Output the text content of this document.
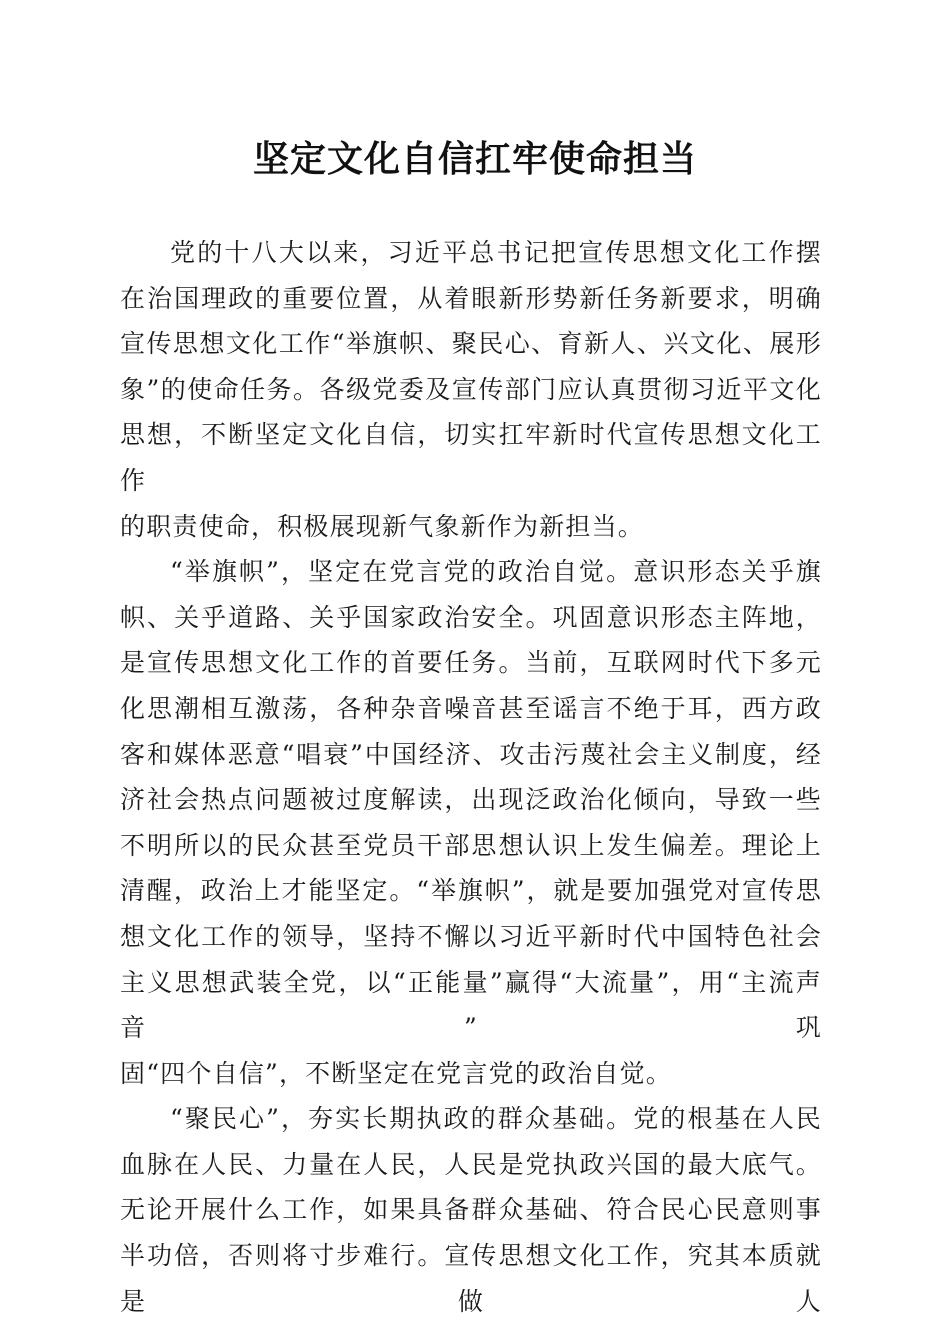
坚定文化自信扛牢使命担当

党的十八大以来，习近平总书记把宣传思想文化工作摆在治国理政的重要位置，从着眼新形势新任务新要求，明确宣传思想文化工作“举旗帜、聚民心、育新人、兴文化、展形象”的使命任务。各级党委及宣传部门应认真贯彻习近平文化思想，不断坚定文化自信，切实扛牢新时代宣传思想文化工作

的职责使命，积极展现新气象新作为新担当。

“举旗帜”，坚定在党言党的政治自觉。意识形态关乎旗帜、关乎道路、关乎国家政治安全。巩固意识形态主阵地，是宣传思想文化工作的首要任务。当前，互联网时代下多元化思潮相互激荡，各种杂音噪音甚至谣言不绝于耳，西方政客和媒体恶意“唱衰”中国经济、攻击污蔑社会主义制度，经济社会热点问题被过度解读，出现泛政治化倾向，导致一些不明所以的民众甚至党员干部思想认识上发生偏差。理论上清醒，政治上才能坚定。“举旗帜”，就是要加强党对宣传思想文化工作的领导，坚持不懈以习近平新时代中国特色社会主义思想武装全党，以“正能量”赢得“大流量”，用“主流声音”巩

固“四个自信”，不断坚定在党言党的政治自觉。

“聚民心”，夯实长期执政的群众基础。党的根基在人民血脉在人民、力量在人民，人民是党执政兴国的最大底气。无论开展什么工作，如果具备群众基础、符合民心民意则事半功倍，否则将寸步难行。宣传思想文化工作，究其本质就是做人
